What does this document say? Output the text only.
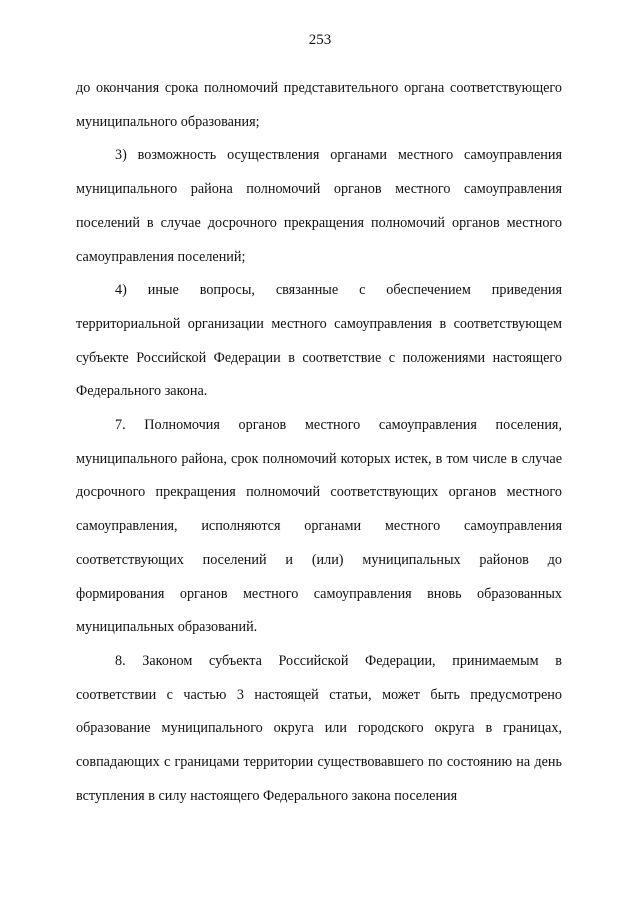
253

до окончания срока полномочий представительного органа соответствующего муниципального образования;

3) возможность осуществления органами местного самоуправления муниципального района полномочий органов местного самоуправления поселений в случае досрочного прекращения полномочий органов местного самоуправления поселений;

4) иные вопросы, связанные с обеспечением приведения территориальной организации местного самоуправления в соответствующем субъекте Российской Федерации в соответствие с положениями настоящего Федерального закона.

7. Полномочия органов местного самоуправления поселения, муниципального района, срок полномочий которых истек, в том числе в случае досрочного прекращения полномочий соответствующих органов местного самоуправления, исполняются органами местного самоуправления соответствующих поселений и (или) муниципальных районов до формирования органов местного самоуправления вновь образованных муниципальных образований.

8. Законом субъекта Российской Федерации, принимаемым в соответствии с частью 3 настоящей статьи, может быть предусмотрено образование муниципального округа или городского округа в границах, совпадающих с границами территории существовавшего по состоянию на день вступления в силу настоящего Федерального закона поселения
